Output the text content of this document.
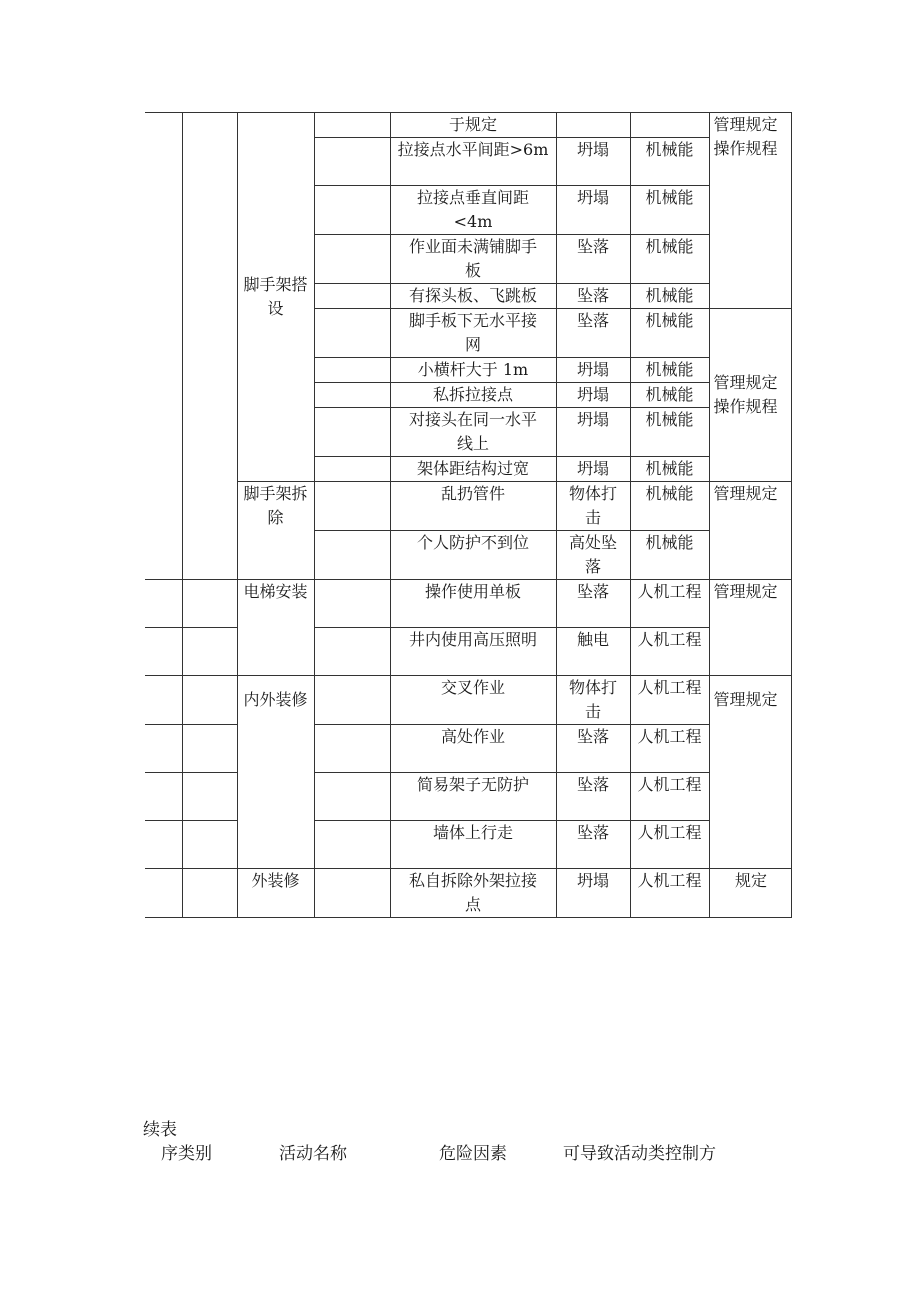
		脚手架搭
设		于规定			管理规定
操作规程
				拉接点水平间距>6m	坍塌	机械能	
				拉接点垂直间距
<4m	坍塌	机械能	
				作业面未满铺脚手
板	坠落	机械能	
				有探头板、飞跳板	坠落	机械能	
				脚手板下无水平接
网	坠落	机械能	管理规定
操作规程
				小横杆大于 1m	坍塌	机械能	
				私拆拉接点	坍塌	机械能	
				对接头在同一水平
线上	坍塌	机械能	
				架体距结构过宽	坍塌	机械能	
		脚手架拆
除		乱扔管件	物体打
击	机械能	管理规定
				个人防护不到位	高处坠
落	机械能	
		电梯安装		操作使用单板	坠落	人机工程	管理规定
				井内使用高压照明	触电	人机工程	
		内外装修		交叉作业	物体打
击	人机工程	管理规定
				高处作业	坠落	人机工程	
				简易架子无防护	坠落	人机工程	
				墙体上行走	坠落	人机工程	
		外装修		私自拆除外架拉接
点	坍塌	人机工程	规定
续表
序类别	活动名称	危险因素	可导致活动类控制方
